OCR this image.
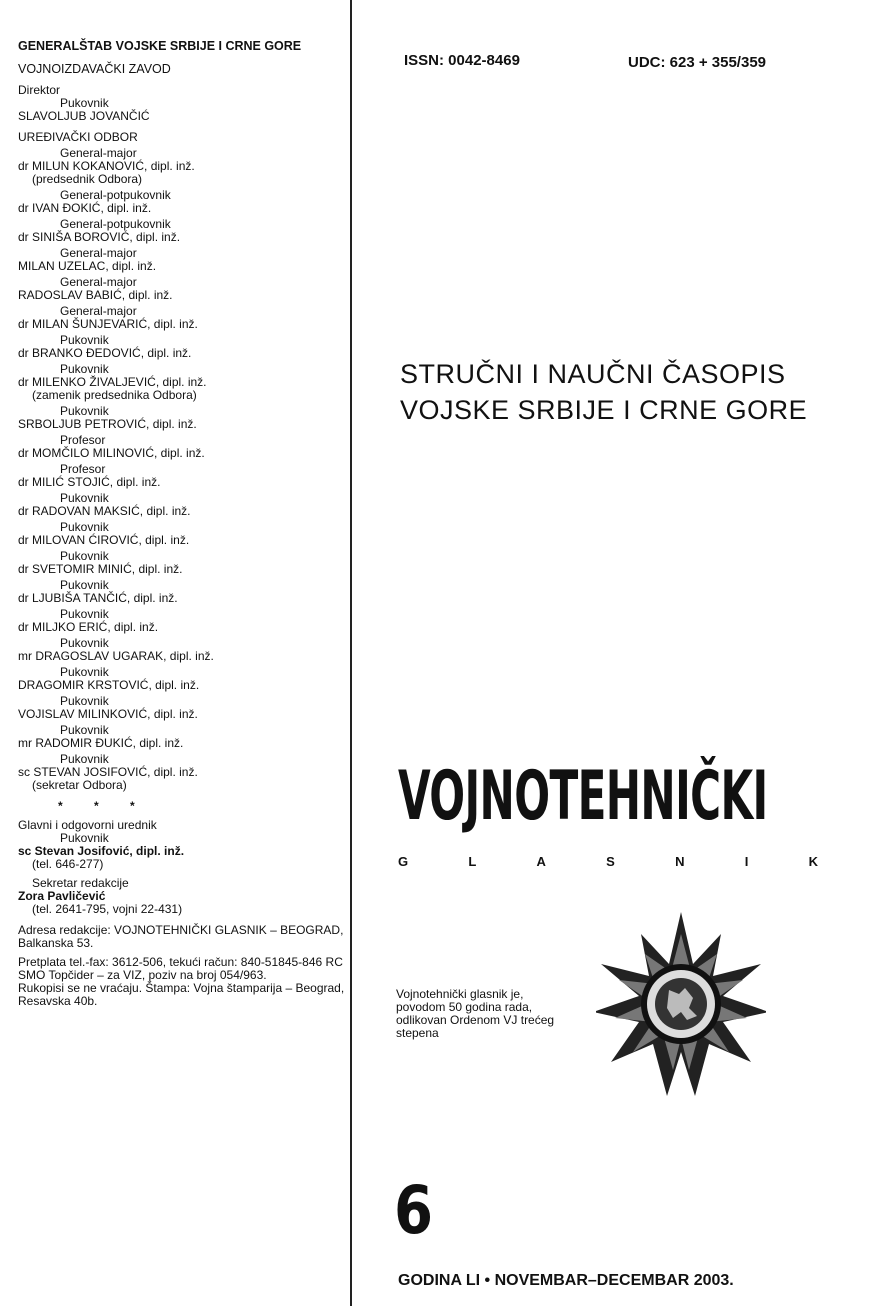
GENERALŠTAB VOJSKE SRBIJE I CRNE GORE
VOJNOIZDAVAČKI ZAVOD
Direktor
Pukovnik
SLAVOLJUB JOVANČIĆ
UREĐIVAČKI ODBOR
General-major
dr MILUN KOKANOVIĆ, dipl. inž.
(predsednik Odbora)
General-potpukovnik
dr IVAN ĐOKIĆ, dipl. inž.
General-potpukovnik
dr SINIŠA BOROVIĆ, dipl. inž.
General-major
MILAN UZELAC, dipl. inž.
General-major
RADOSLAV BABIĆ, dipl. inž.
General-major
dr MILAN ŠUNJEVARIĆ, dipl. inž.
Pukovnik
dr BRANKO ĐEDOVIĆ, dipl. inž.
Pukovnik
dr MILENKO ŽIVALJEVIĆ, dipl. inž.
(zamenik predsednika Odbora)
Pukovnik
SRBOLJUB PETROVIĆ, dipl. inž.
Profesor
dr MOMČILO MILINOVIĆ, dipl. inž.
Profesor
dr MILIĆ STOJIĆ, dipl. inž.
Pukovnik
dr RADOVAN MAKSIĆ, dipl. inž.
Pukovnik
dr MILOVAN ĆIROVIĆ, dipl. inž.
Pukovnik
dr SVETOMIR MINIĆ, dipl. inž.
Pukovnik
dr LJUBIŠA TANČIĆ, dipl. inž.
Pukovnik
dr MILJKO ERIĆ, dipl. inž.
Pukovnik
mr DRAGOSLAV UGARAK, dipl. inž.
Pukovnik
DRAGOMIR KRSTOVIĆ, dipl. inž.
Pukovnik
VOJISLAV MILINKOVIĆ, dipl. inž.
Pukovnik
mr RADOMIR ĐUKIĆ, dipl. inž.
Pukovnik
sc STEVAN JOSIFOVIĆ, dipl. inž.
(sekretar Odbora)
* * *
Glavni i odgovorni urednik
Pukovnik
sc Stevan Josifović, dipl. inž.
(tel. 646-277)
Sekretar redakcije
Zora Pavličević
(tel. 2641-795, vojni 22-431)
Adresa redakcije: VOJNOTEHNIČKI GLASNIK – BEOGRAD, Balkanska 53.
Pretplata tel.-fax: 3612-506, tekući račun: 840-51845-846 RC SMO Topčider – za VIZ, poziv na broj 054/963.
Rukopisi se ne vraćaju. Štampa: Vojna štamparija – Beograd, Resavska 40b.
ISSN: 0042-8469	UDC: 623 + 355/359
STRUČNI I NAUČNI ČASOPIS
VOJSKE SRBIJE I CRNE GORE
VOJNOTEHNIČKI
G	L	A	S	N	I	K
Vojnotehnički glasnik je, povodom 50 godina rada, odlikovan Ordenom VJ trećeg stepena
6
GODINA LI • NOVEMBAR–DECEMBAR 2003.
